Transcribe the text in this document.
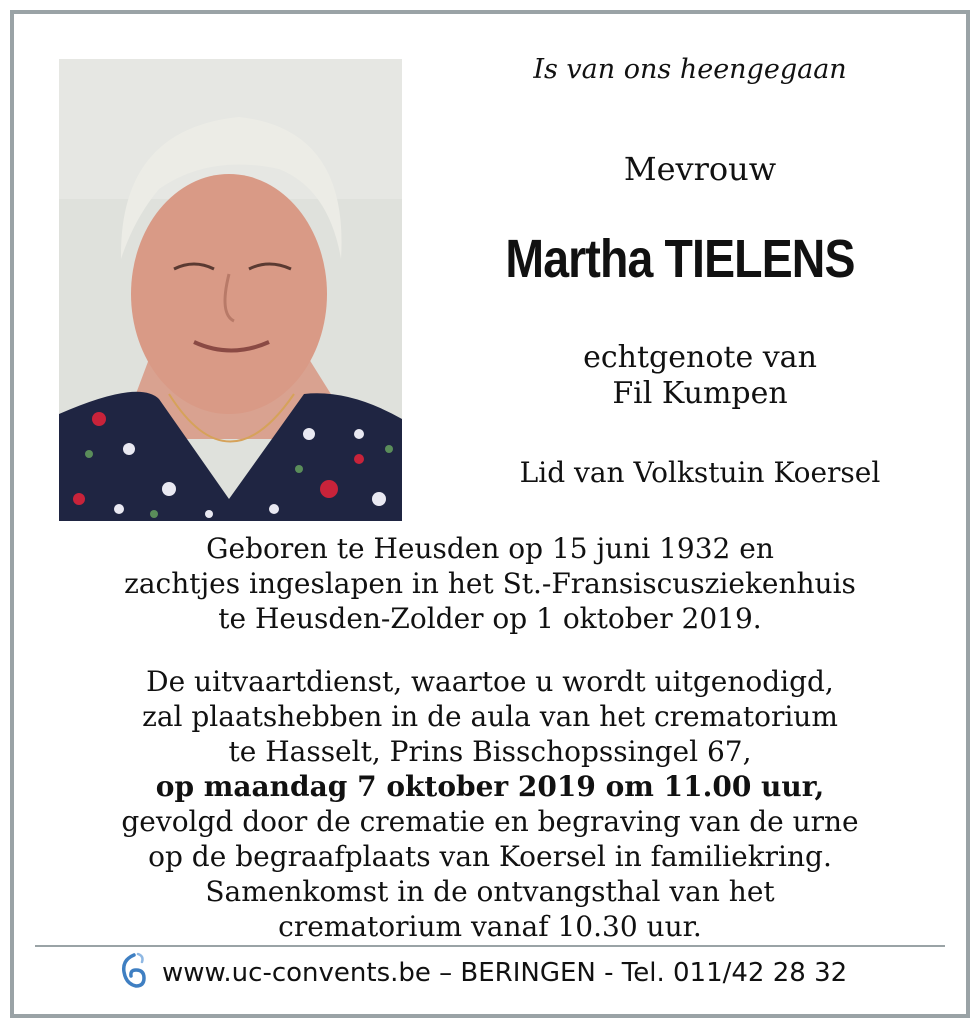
Is van ons heengegaan
Mevrouw
Martha TIELENS
echtgenote van
Fil Kumpen
Lid van Volkstuin Koersel
Geboren te Heusden op 15 juni 1932 en
zachtjes ingeslapen in het St.-Fransiscusziekenhuis
te Heusden-Zolder op 1 oktober 2019.
De uitvaartdienst, waartoe u wordt uitgenodigd,
zal plaatshebben in de aula van het crematorium
te Hasselt, Prins Bisschopssingel 67,
op maandag 7 oktober 2019 om 11.00 uur,
gevolgd door de crematie en begraving van de urne
op de begraafplaats van Koersel in familiekring.
Samenkomst in de ontvangsthal van het
crematorium vanaf 10.30 uur.
www.uc-convents.be – BERINGEN - Tel. 011/42 28 32
